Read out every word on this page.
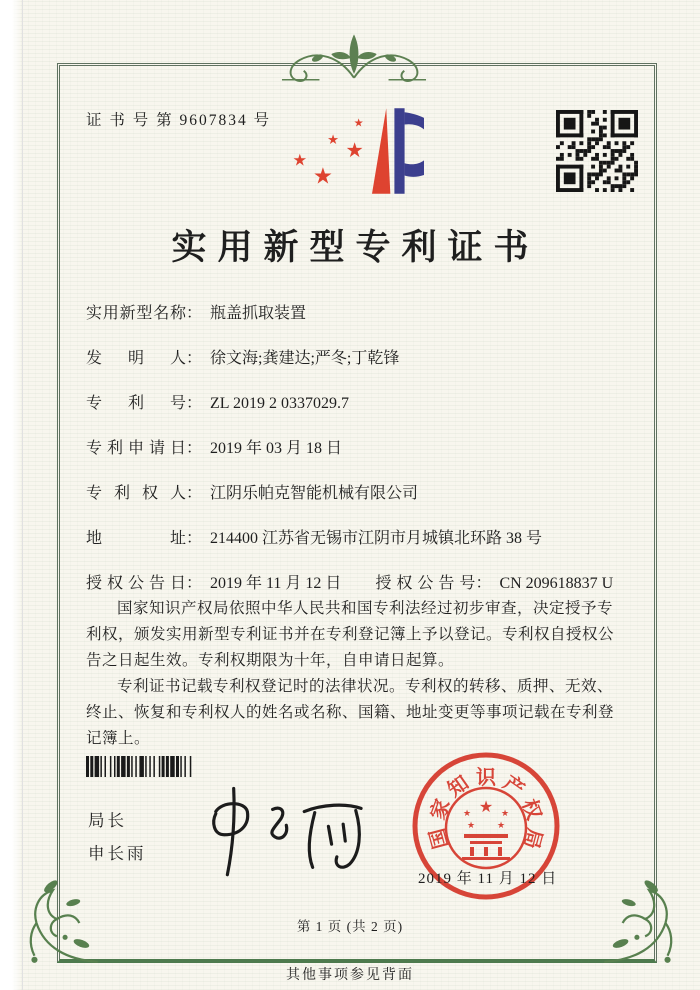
证 书 号 第 9607834 号	★
★ ★
★
★
实用新型专利证书
实用新型名称 ： 瓶盖抓取装置
发明人 ： 徐文海;龚建达;严冬;丁乾锋
专利号 ： ZL 2019 2 0337029.7
专利申请日 ： 2019 年 03 月 18 日
专利权人 ： 江阴乐帕克智能机械有限公司
地址 ： 214400 江苏省无锡市江阴市月城镇北环路 38 号
授权公告日 ： 2019 年 11 月 12 日 授权公告号 ： CN 209618837 U

国家知识产权局依照中华人民共和国专利法经过初步审查，决定授予专利权，颁发实用新型专利证书并在专利登记簿上予以登记。专利权自授权公告之日起生效。专利权期限为十年，自申请日起算。

专利证书记载专利权登记时的法律状况。专利权的转移、质押、无效、终止、恢复和专利权人的姓名或名称、国籍、地址变更等事项记载在专利登记簿上。

局长
申长雨
国
家
知 识 产
权
局
★
★	★
★ ★
2019 年 11 月 12 日
第 1 页 (共 2 页)
其他事项参见背面
